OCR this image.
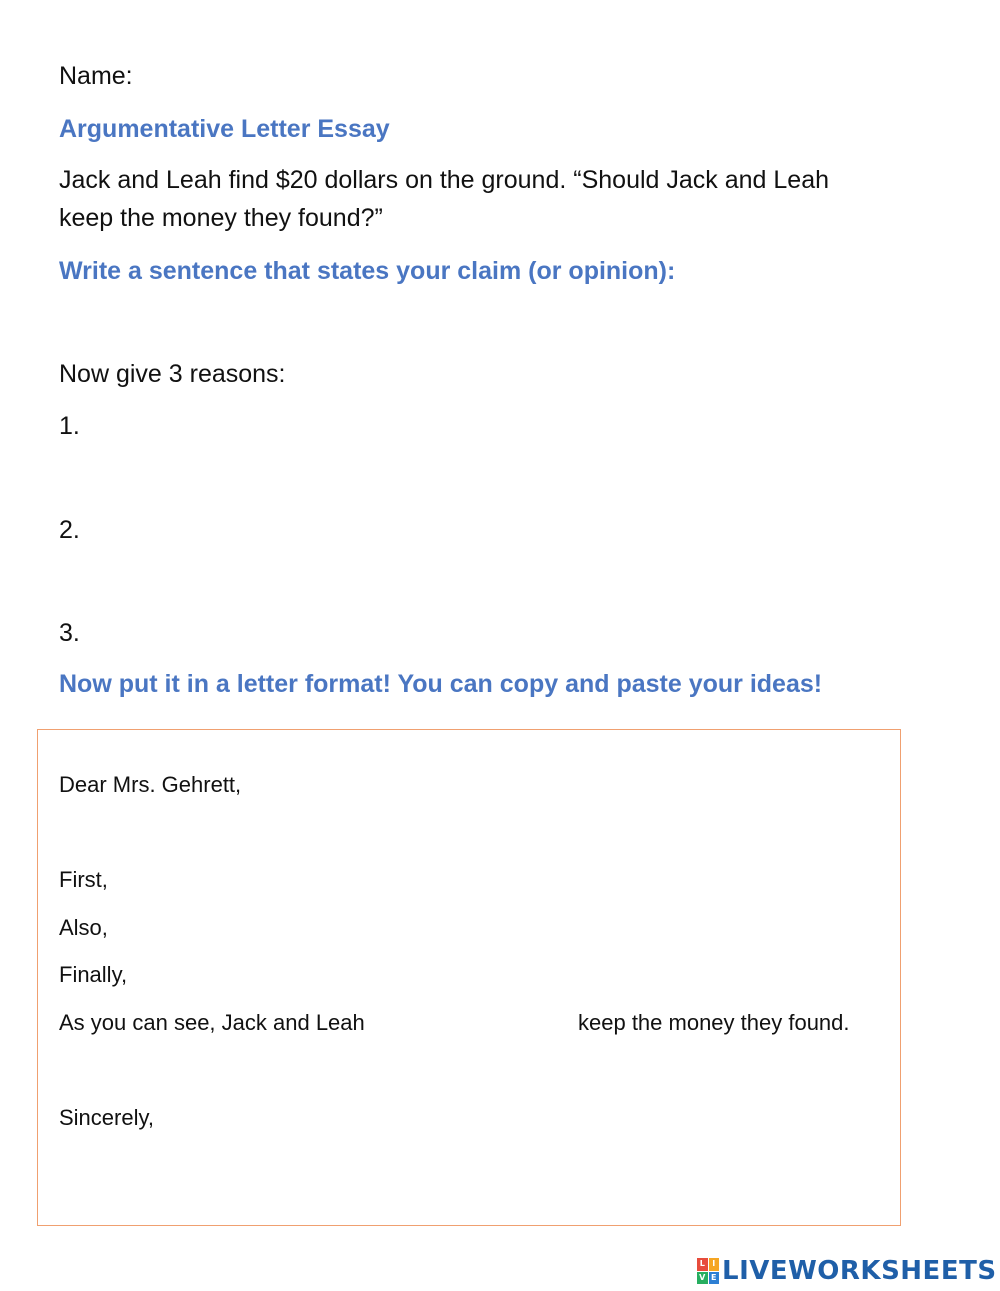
Name:
Argumentative Letter Essay
Jack and Leah find $20 dollars on the ground. “Should Jack and Leah
keep the money they found?”
Write a sentence that states your claim (or opinion):
Now give 3 reasons:
1.
2.
3.
Now put it in a letter format! You can copy and paste your ideas!
Dear Mrs. Gehrett,
First,
Also,
Finally,
As you can see, Jack and Leah	keep the money they found.
Sincerely,
L I
V E LIVEWORKSHEETS
